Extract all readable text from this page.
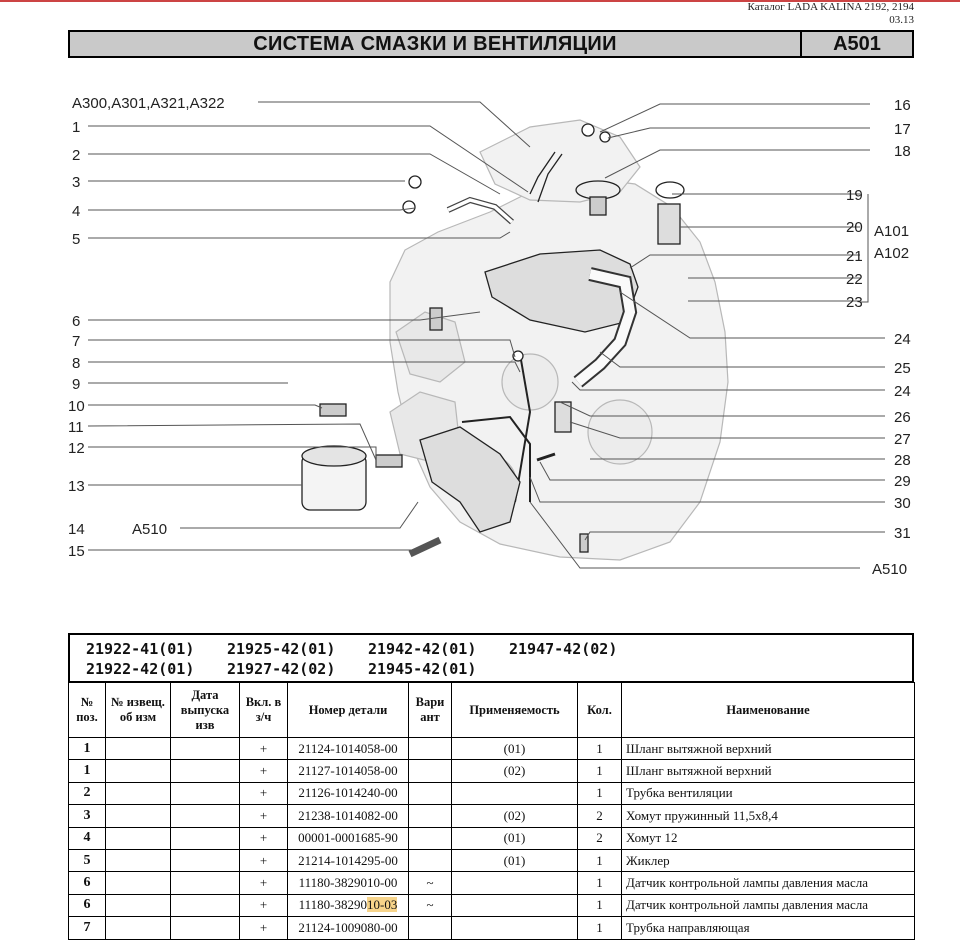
Каталог LADA KALINA 2192, 2194
03.13
СИСТЕМА СМАЗКИ И ВЕНТИЛЯЦИИ	A501
A300,A301,A321,A322
1
2
3
4
5
6
7
8
9
10
11
12
13
14	A510
15
16
17
18
19
20 A101
21 A102
22
23
24
25
24
26
27
28
29
30
31
A510
21922-41(01) 21925-42(01) 21942-42(01) 21947-42(02)
21922-42(01) 21927-42(02) 21945-42(01)
№ поз.	№ извещ. об изм	Дата выпуска изв	Вкл. в з/ч	Номер детали	Вари ант	Применяемость	Кол.	Наименование
1			+	21124-1014058-00		(01)	1	Шланг вытяжной верхний
1			+	21127-1014058-00		(02)	1	Шланг вытяжной верхний
2			+	21126-1014240-00			1	Трубка вентиляции
3			+	21238-1014082-00		(02)	2	Хомут пружинный 11,5х8,4
4			+	00001-0001685-90		(01)	2	Хомут 12
5			+	21214-1014295-00		(01)	1	Жиклер
6			+	11180-3829010-00	~		1	Датчик контрольной лампы давления масла
6			+	11180-3829010-03	~		1	Датчик контрольной лампы давления масла
7			+	21124-1009080-00			1	Трубка направляющая
